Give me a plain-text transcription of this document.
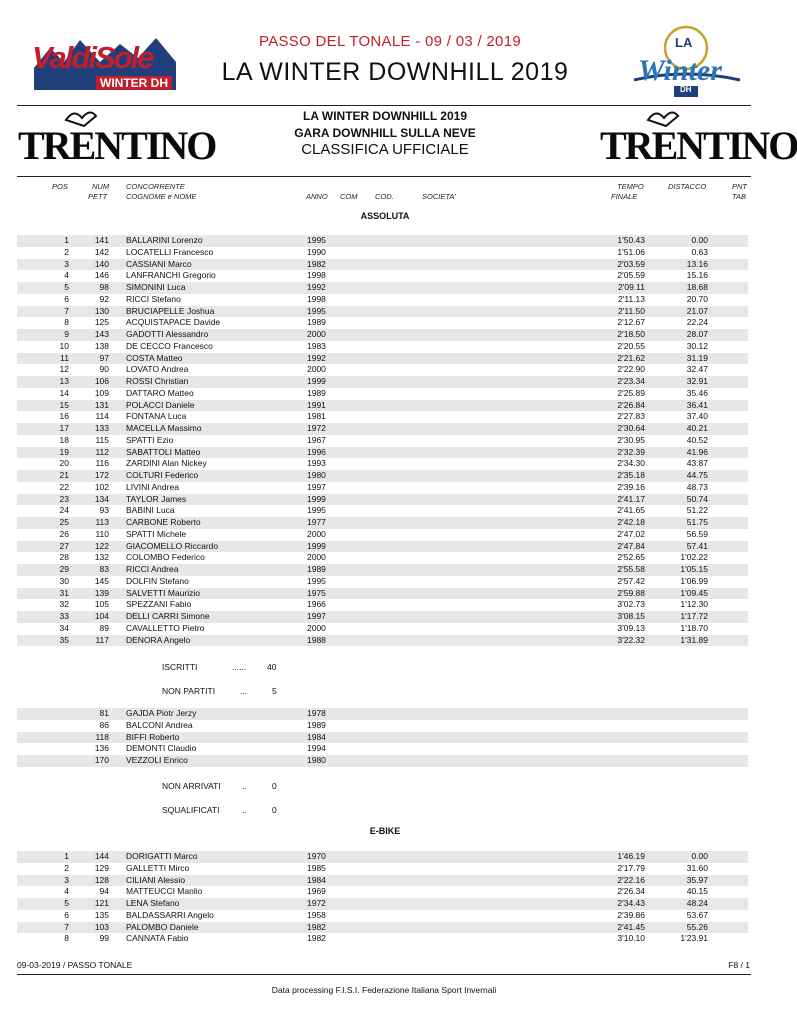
ValdiSole
WINTER DH
PASSO DEL TONALE - 09 / 03 / 2019
LA WINTER DOWNHILL 2019
LA
Winter
DH
TRENTINO	TRENTINO
LA WINTER DOWNHILL 2019
GARA DOWNHILL SULLA NEVE
CLASSIFICA UFFICIALE
POS	NUM
PETT
CONCORRENTE
COGNOME e NOME	ANNO COM COD.	SOCIETA'
TEMPO
FINALE
DISTACCO	PNT
TAB
ASSOLUTA
1	141 BALLARINI Lorenzo	1995	1'50.43	0.00
2	142 LOCATELLI Francesco	1990	1'51.06	0.63
3	140 CASSIANI Marco	1982	2'03.59	13.16
4	146 LANFRANCHI Gregorio	1998	2'05.59	15.16
5	98 SIMONINI Luca	1992	2'09.11	18.68
6	92 RICCI Stefano	1998	2'11.13	20.70
7	130 BRUCIAPELLE Joshua	1995	2'11.50	21.07
8	125 ACQUISTAPACE Davide	1989	2'12.67	22.24
9	143 GADOTTI Alessandro	2000	2'18.50	28.07
10	138 DE CECCO Francesco	1983	2'20.55	30.12
11	97 COSTA Matteo	1992	2'21.62	31.19
12	90 LOVATO Andrea	2000	2'22.90	32.47
13	106 ROSSI Christian	1999	2'23.34	32.91
14	109 DATTARO Matteo	1989	2'25.89	35.46
15	131 POLACCI Daniele	1991	2'26.84	36.41
16	114 FONTANA Luca	1981	2'27.83	37.40
17	133 MACELLA Massimo	1972	2'30.64	40.21
18	115 SPATTI Ezio	1967	2'30.95	40.52
19	112 SABATTOLI Matteo	1996	2'32.39	41.96
20	116 ZARDINI Alan Nickey	1993	2'34.30	43.87
21	172 COLTURI Federico	1980	2'35.18	44.75
22	102 LIVINI Andrea	1997	2'39.16	48.73
23	134 TAYLOR James	1999	2'41.17	50.74
24	93 BABINI Luca	1995	2'41.65	51.22
25	113 CARBONE Roberto	1977	2'42.18	51.75
26	110 SPATTI Michele	2000	2'47.02	56.59
27	122 GIACOMELLO Riccardo	1999	2'47.84	57.41
28	132 COLOMBO Federico	2000	2'52.65	1'02.22
29	83 RICCI Andrea	1989	2'55.58	1'05.15
30	145 DOLFIN Stefano	1995	2'57.42	1'06.99
31	139 SALVETTI Maurizio	1975	2'59.88	1'09.45
32	105 SPEZZANI Fabio	1966	3'02.73	1'12.30
33	104 DELLI CARRI Simone	1997	3'08.15	1'17.72
34	89 CAVALLETTO Pietro	2000	3'09.13	1'18.70
35	117 DENORA Angelo	1988	3'22.32	1'31.89
ISCRITTI	...... 40
NON PARTITI	...	5
81 GAJDA Piotr Jerzy	1978
86 BALCONI Andrea	1989
118 BIFFI Roberto	1984
136 DEMONTI Claudio	1994
170 VEZZOLI Enrico	1980
NON ARRIVATI	..	0
SQUALIFICATI	..	0
E-BIKE
1	144 DORIGATTI Marco	1970	1'46.19	0.00
2	129 GALLETTI Mirco	1985	2'17.79	31.60
3	128 CILIANI Alessio	1984	2'22.16	35.97
4	94 MATTEUCCI Manlio	1969	2'26.34	40.15
5	121 LENA Stefano	1972	2'34.43	48.24
6	135 BALDASSARRI Angelo	1958	2'39.86	53.67
7	103 PALOMBO Daniele	1982	2'41.45	55.26
8	99 CANNATA Fabio	1982	3'10.10	1'23.91
09-03-2019 / PASSO TONALE	F8 / 1
Data processing F.I.S.I. Federazione Italiana Sport Invernali
